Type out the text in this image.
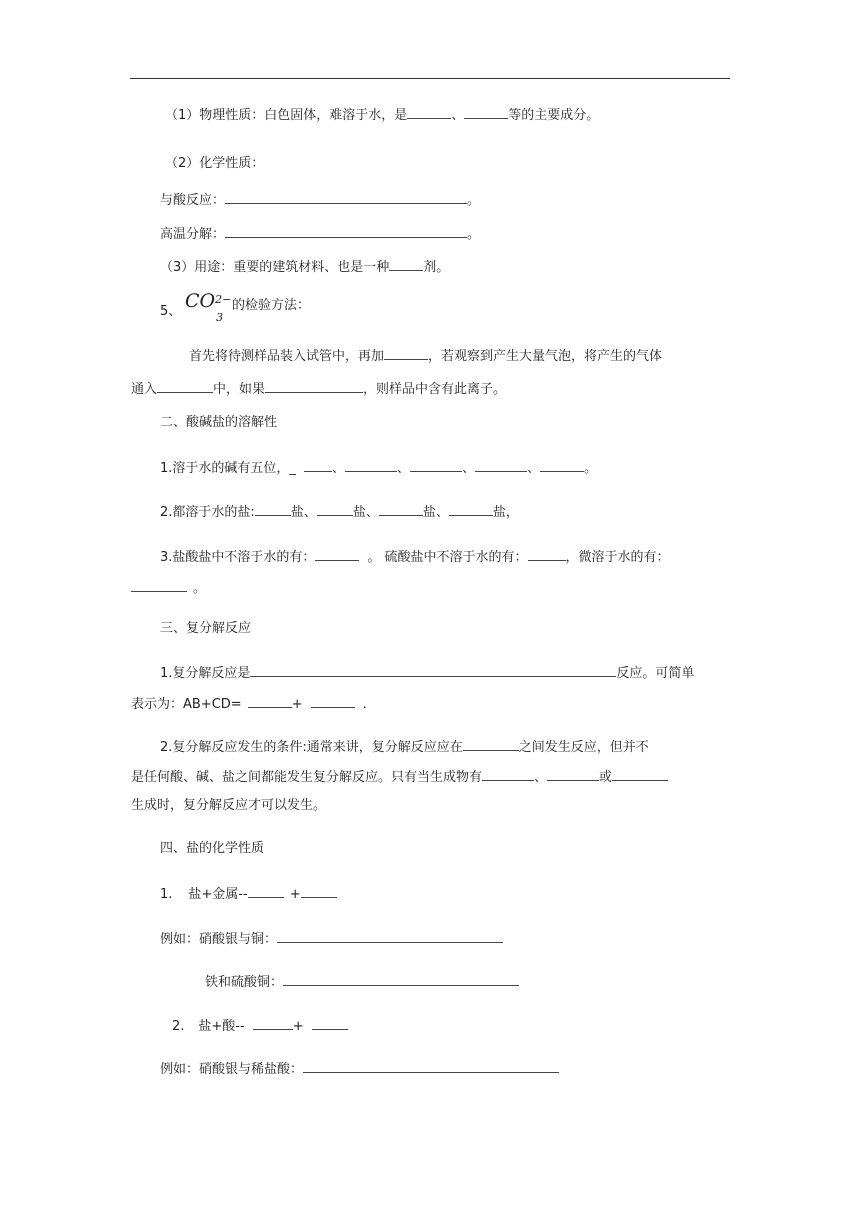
（1）物理性质：白色固体，难溶于水，是	、	等的主要成分。
（2）化学性质：
与酸反应：	。
高温分解：	。
（3）用途：重要的建筑材料、也是一种	剂。
5、 CO 2−
3
的检验方法：
首先将待测样品装入试管中，再加	，若观察到产生大量气泡，将产生的气体
通入	中，如果	，则样品中含有此离子。
二、酸碱盐的溶解性
1.溶于水的碱有五位，_	、	、	、	、	。
2.都溶于水的盐:	盐、	盐、	盐、	盐，
3.盐酸盐中不溶于水的有：	。 硫酸盐中不溶于水的有：	，微溶于水的有：
。
三、复分解反应
1.复分解反应是	反应。可简单
表示为：AB+CD=	+	.
2.复分解反应发生的条件:通常来讲，复分解反应应在	之间发生反应，但并不
是任何酸、碱、盐之间都能发生复分解反应。只有当生成物有	、	或
生成时，复分解反应才可以发生。
四、盐的化学性质
1. 盐+金属--	+
例如：硝酸银与铜：
铁和硫酸铜：
2. 盐+酸--	+
例如：硝酸银与稀盐酸：
